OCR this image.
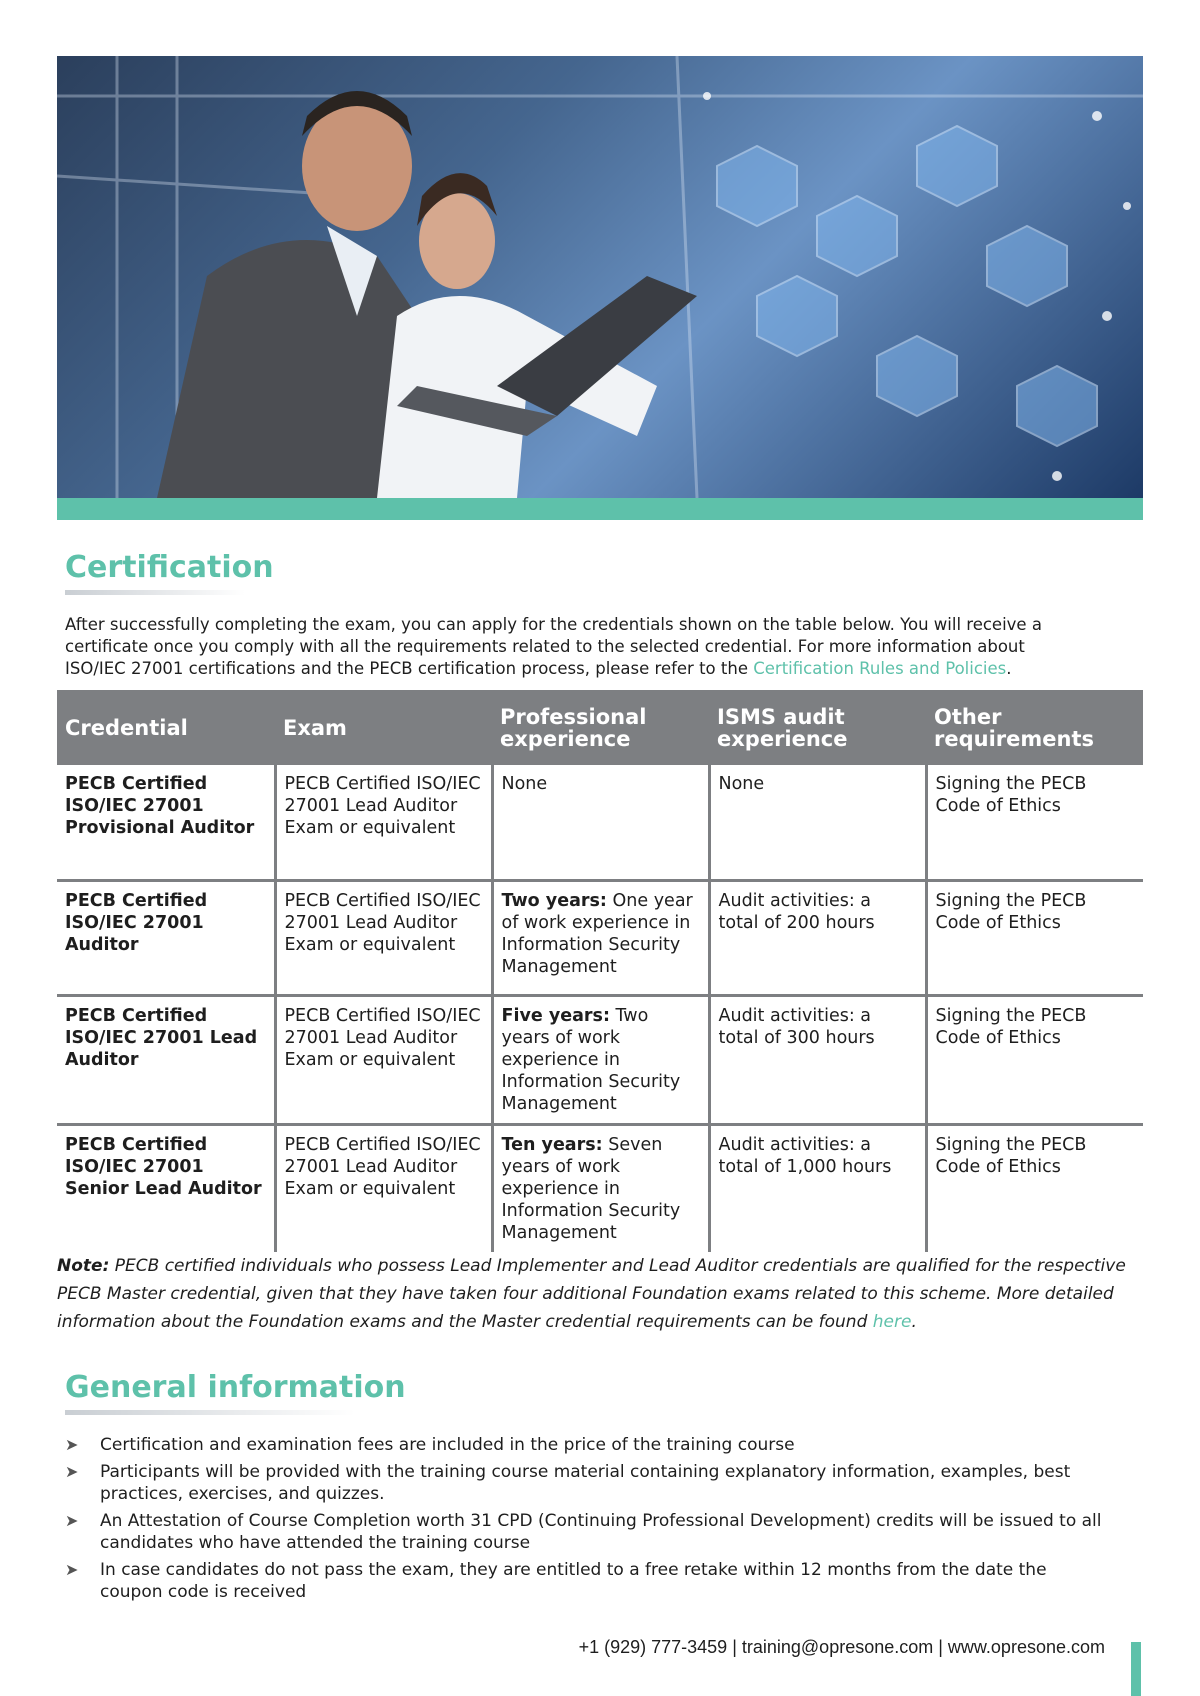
Certification

After successfully completing the exam, you can apply for the credentials shown on the table below. You will receive a certificate once you comply with all the requirements related to the selected credential. For more information about ISO/IEC 27001 certifications and the PECB certification process, please refer to the Certification Rules and Policies.

Credential	Exam	Professional experience	ISMS audit experience	Other requirements
PECB Certified ISO/IEC 27001 Provisional Auditor	PECB Certified ISO/IEC 27001 Lead Auditor Exam or equivalent	None	None	Signing the PECB Code of Ethics
PECB Certified ISO/IEC 27001 Auditor	PECB Certified ISO/IEC 27001 Lead Auditor Exam or equivalent	Two years: One year of work experience in Information Security Management	Audit activities: a total of 200 hours	Signing the PECB Code of Ethics
PECB Certified ISO/IEC 27001 Lead Auditor	PECB Certified ISO/IEC 27001 Lead Auditor Exam or equivalent	Five years: Two years of work experience in Information Security Management	Audit activities: a total of 300 hours	Signing the PECB Code of Ethics
PECB Certified ISO/IEC 27001 Senior Lead Auditor	PECB Certified ISO/IEC 27001 Lead Auditor Exam or equivalent	Ten years: Seven years of work experience in Information Security Management	Audit activities: a total of 1,000 hours	Signing the PECB Code of Ethics

Note: PECB certified individuals who possess Lead Implementer and Lead Auditor credentials are qualified for the respective PECB Master credential, given that they have taken four additional Foundation exams related to this scheme. More detailed information about the Foundation exams and the Master credential requirements can be found here.

General information
➤ Certification and examination fees are included in the price of the training course
➤ Participants will be provided with the training course material containing explanatory information, examples, best practices, exercises, and quizzes.
➤ An Attestation of Course Completion worth 31 CPD (Continuing Professional Development) credits will be issued to all candidates who have attended the training course
➤ In case candidates do not pass the exam, they are entitled to a free retake within 12 months from the date the coupon code is received
+1 (929) 777-3459 | training@opresone.com | www.opresone.com
